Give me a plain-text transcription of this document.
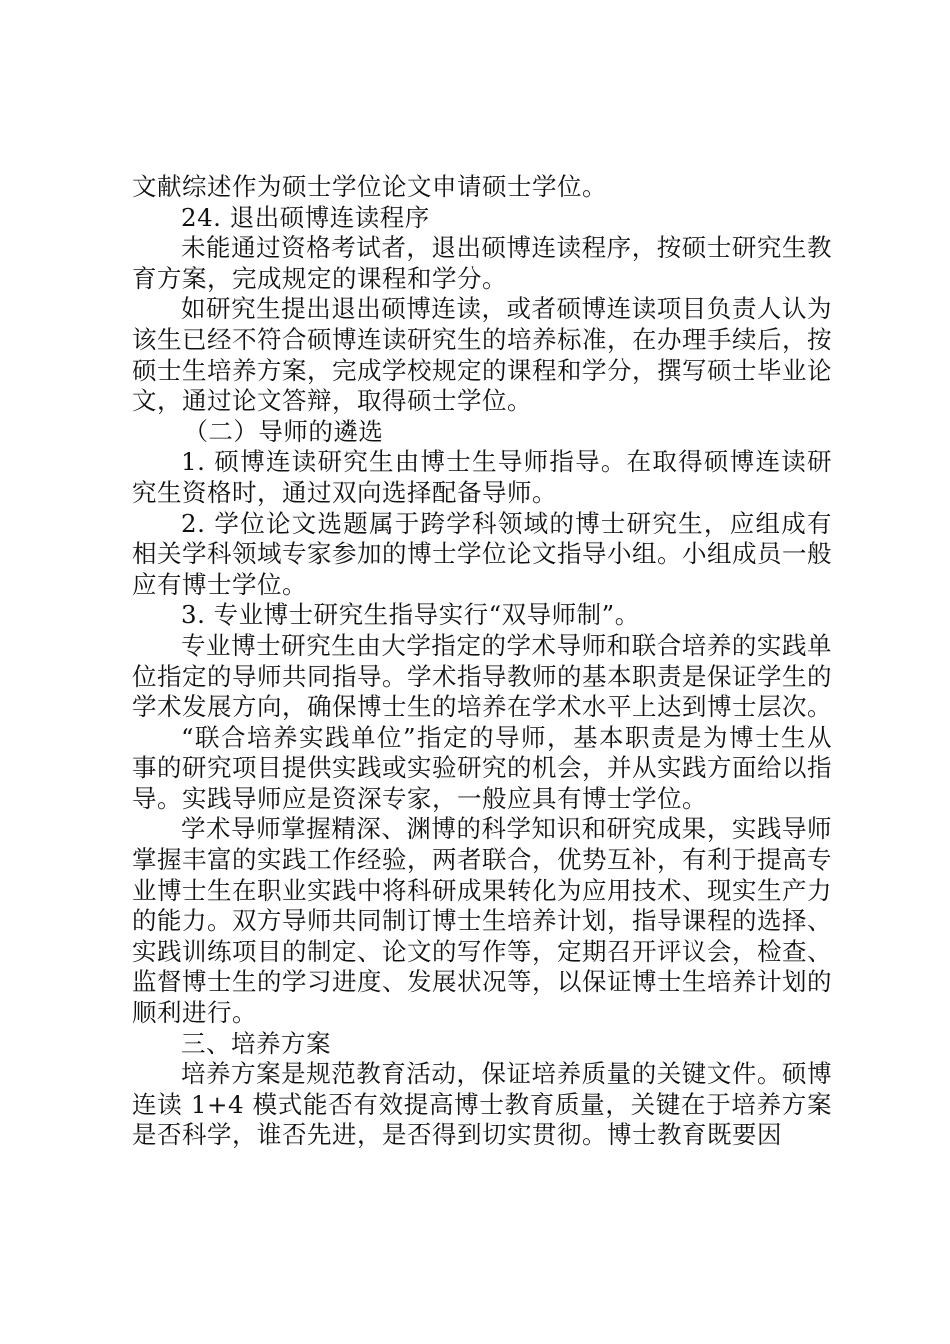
文献综述作为硕士学位论文申请硕士学位。

24. 退出硕博连读程序

未能通过资格考试者，退出硕博连读程序，按硕士研究生教育方案，完成规定的课程和学分。

如研究生提出退出硕博连读，或者硕博连读项目负责人认为该生已经不符合硕博连读研究生的培养标准，在办理手续后，按硕士生培养方案，完成学校规定的课程和学分，撰写硕士毕业论文，通过论文答辩，取得硕士学位。

（二）导师的遴选

1. 硕博连读研究生由博士生导师指导。在取得硕博连读研究生资格时，通过双向选择配备导师。

2. 学位论文选题属于跨学科领域的博士研究生，应组成有相关学科领域专家参加的博士学位论文指导小组。小组成员一般应有博士学位。

3. 专业博士研究生指导实行“双导师制”。

专业博士研究生由大学指定的学术导师和联合培养的实践单位指定的导师共同指导。学术指导教师的基本职责是保证学生的学术发展方向，确保博士生的培养在学术水平上达到博士层次。

“联合培养实践单位”指定的导师，基本职责是为博士生从事的研究项目提供实践或实验研究的机会，并从实践方面给以指导。实践导师应是资深专家，一般应具有博士学位。

学术导师掌握精深、渊博的科学知识和研究成果，实践导师掌握丰富的实践工作经验，两者联合，优势互补，有利于提高专业博士生在职业实践中将科研成果转化为应用技术、现实生产力的能力。双方导师共同制订博士生培养计划，指导课程的选择、实践训练项目的制定、论文的写作等，定期召开评议会，检查、监督博士生的学习进度、发展状况等，以保证博士生培养计划的顺利进行。

三、培养方案

培养方案是规范教育活动，保证培养质量的关键文件。硕博连读 1+4 模式能否有效提高博士教育质量，关键在于培养方案是否科学，谁否先进，是否得到切实贯彻。博士教育既要因
